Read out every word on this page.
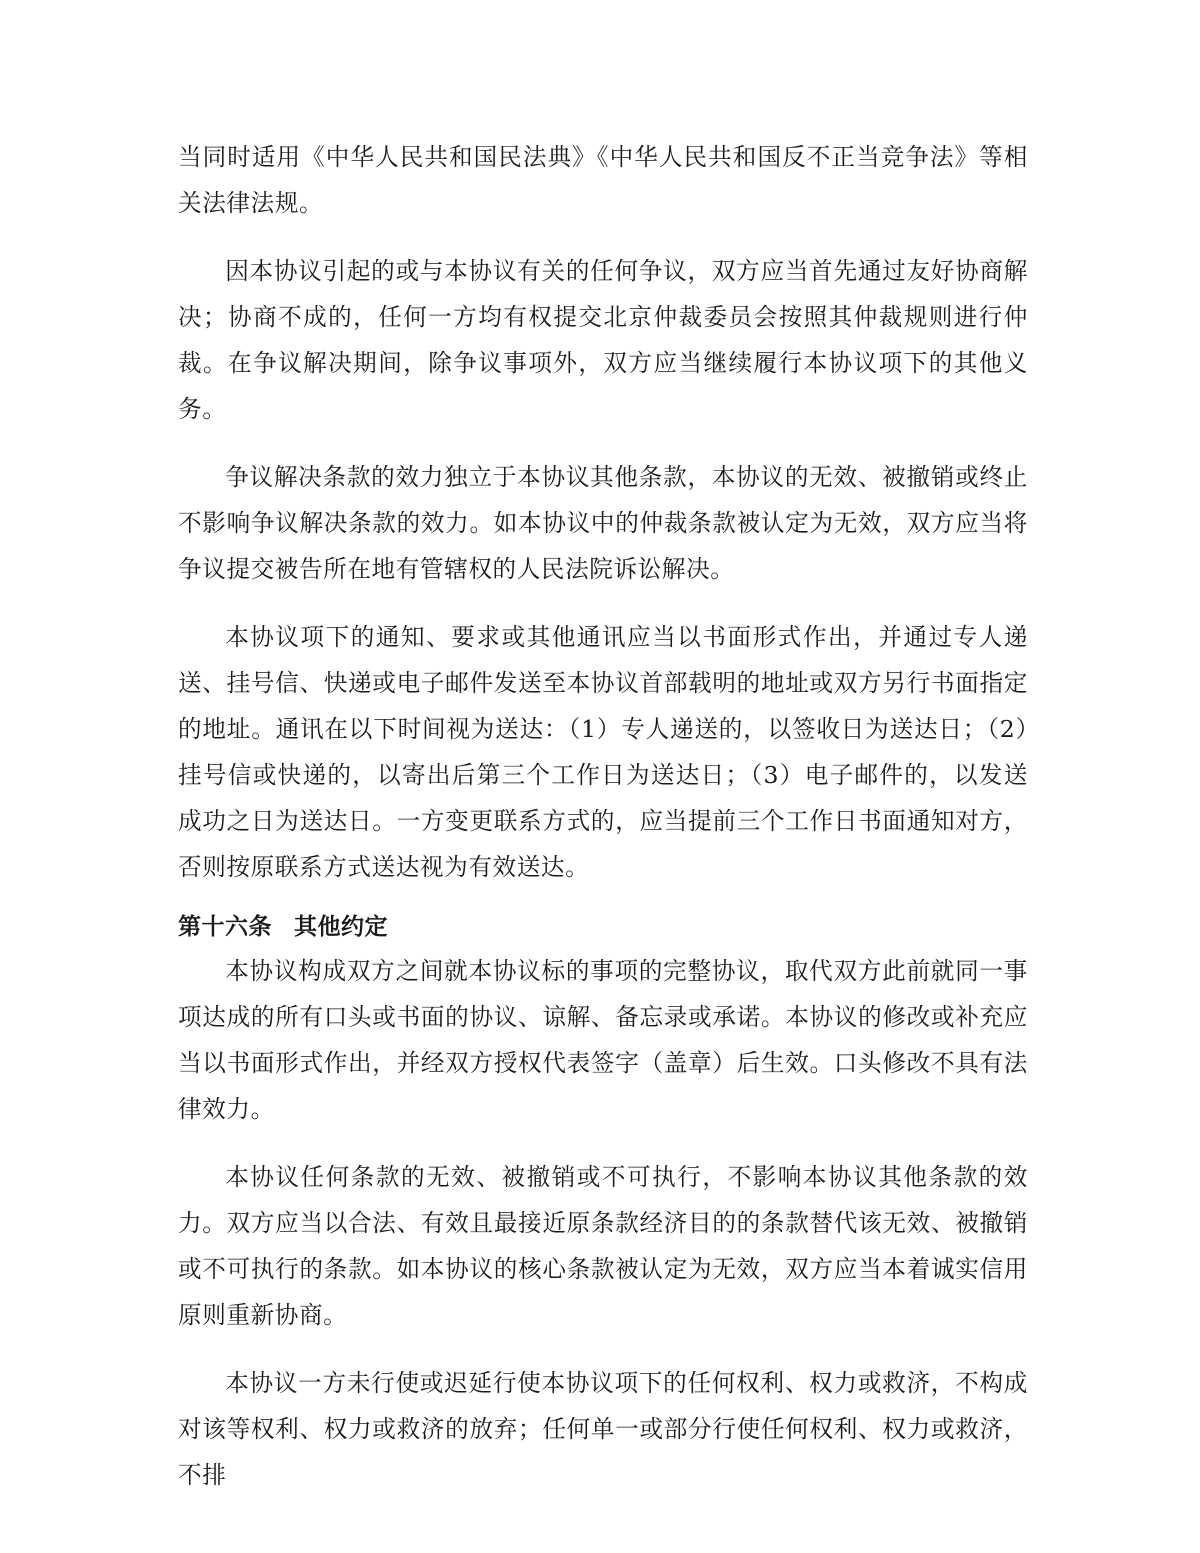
当同时适用《中华人民共和国民法典》《中华人民共和国反不正当竞争法》等相关法律法规。

因本协议引起的或与本协议有关的任何争议，双方应当首先通过友好协商解决；协商不成的，任何一方均有权提交北京仲裁委员会按照其仲裁规则进行仲裁。在争议解决期间，除争议事项外，双方应当继续履行本协议项下的其他义务。

争议解决条款的效力独立于本协议其他条款，本协议的无效、被撤销或终止不影响争议解决条款的效力。如本协议中的仲裁条款被认定为无效，双方应当将争议提交被告所在地有管辖权的人民法院诉讼解决。

本协议项下的通知、要求或其他通讯应当以书面形式作出，并通过专人递送、挂号信、快递或电子邮件发送至本协议首部载明的地址或双方另行书面指定的地址。通讯在以下时间视为送达：（1）专人递送的，以签收日为送达日；（2）挂号信或快递的，以寄出后第三个工作日为送达日；（3）电子邮件的，以发送成功之日为送达日。一方变更联系方式的，应当提前三个工作日书面通知对方，否则按原联系方式送达视为有效送达。

第十六条 其他约定

本协议构成双方之间就本协议标的事项的完整协议，取代双方此前就同一事项达成的所有口头或书面的协议、谅解、备忘录或承诺。本协议的修改或补充应当以书面形式作出，并经双方授权代表签字（盖章）后生效。口头修改不具有法律效力。

本协议任何条款的无效、被撤销或不可执行，不影响本协议其他条款的效力。双方应当以合法、有效且最接近原条款经济目的的条款替代该无效、被撤销或不可执行的条款。如本协议的核心条款被认定为无效，双方应当本着诚实信用原则重新协商。

本协议一方未行使或迟延行使本协议项下的任何权利、权力或救济，不构成对该等权利、权力或救济的放弃；任何单一或部分行使任何权利、权力或救济，不排
